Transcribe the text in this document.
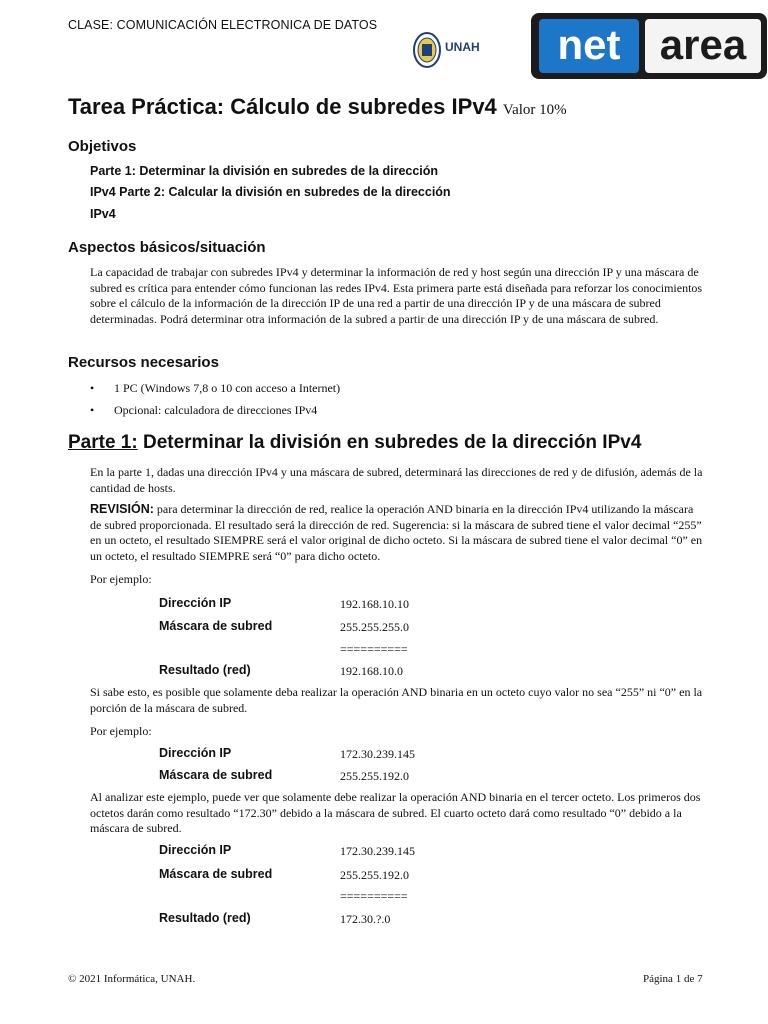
CLASE: COMUNICACIÓN ELECTRONICA DE DATOS
UNAH	net area
Tarea Práctica: Cálculo de subredes IPv4 Valor 10%
Objetivos
Parte 1: Determinar la división en subredes de la dirección
IPv4 Parte 2: Calcular la división en subredes de la dirección
IPv4
Aspectos básicos/situación
La capacidad de trabajar con subredes IPv4 y determinar la información de red y host según una dirección IP y una máscara de subred es crítica para entender cómo funcionan las redes IPv4. Esta primera parte está diseñada para reforzar los conocimientos sobre el cálculo de la información de la dirección IP de una red a partir de una dirección IP y de una máscara de subred determinadas. Podrá determinar otra información de la subred a partir de una dirección IP y de una máscara de subred.
Recursos necesarios
• 1 PC (Windows 7,8 o 10 con acceso a Internet)
• Opcional: calculadora de direcciones IPv4
Parte 1: Determinar la división en subredes de la dirección IPv4
En la parte 1, dadas una dirección IPv4 y una máscara de subred, determinará las direcciones de red y de difusión, además de la cantidad de hosts.
REVISIÓN: para determinar la dirección de red, realice la operación AND binaria en la dirección IPv4 utilizando la máscara de subred proporcionada. El resultado será la dirección de red. Sugerencia: si la máscara de subred tiene el valor decimal “255” en un octeto, el resultado SIEMPRE será el valor original de dicho octeto. Si la máscara de subred tiene el valor decimal “0” en un octeto, el resultado SIEMPRE será “0” para dicho octeto.
Por ejemplo:
Dirección IP	192.168.10.10
Máscara de subred	255.255.255.0
==========
Resultado (red)	192.168.10.0
Si sabe esto, es posible que solamente deba realizar la operación AND binaria en un octeto cuyo valor no sea “255” ni “0” en la porción de la máscara de subred.
Por ejemplo:
Dirección IP	172.30.239.145
Máscara de subred	255.255.192.0
Al analizar este ejemplo, puede ver que solamente debe realizar la operación AND binaria en el tercer octeto. Los primeros dos octetos darán como resultado “172.30” debido a la máscara de subred. El cuarto octeto dará como resultado “0” debido a la máscara de subred.
Dirección IP	172.30.239.145
Máscara de subred	255.255.192.0
==========
Resultado (red)	172.30.?.0
© 2021 Informática, UNAH.	Página 1 de 7
